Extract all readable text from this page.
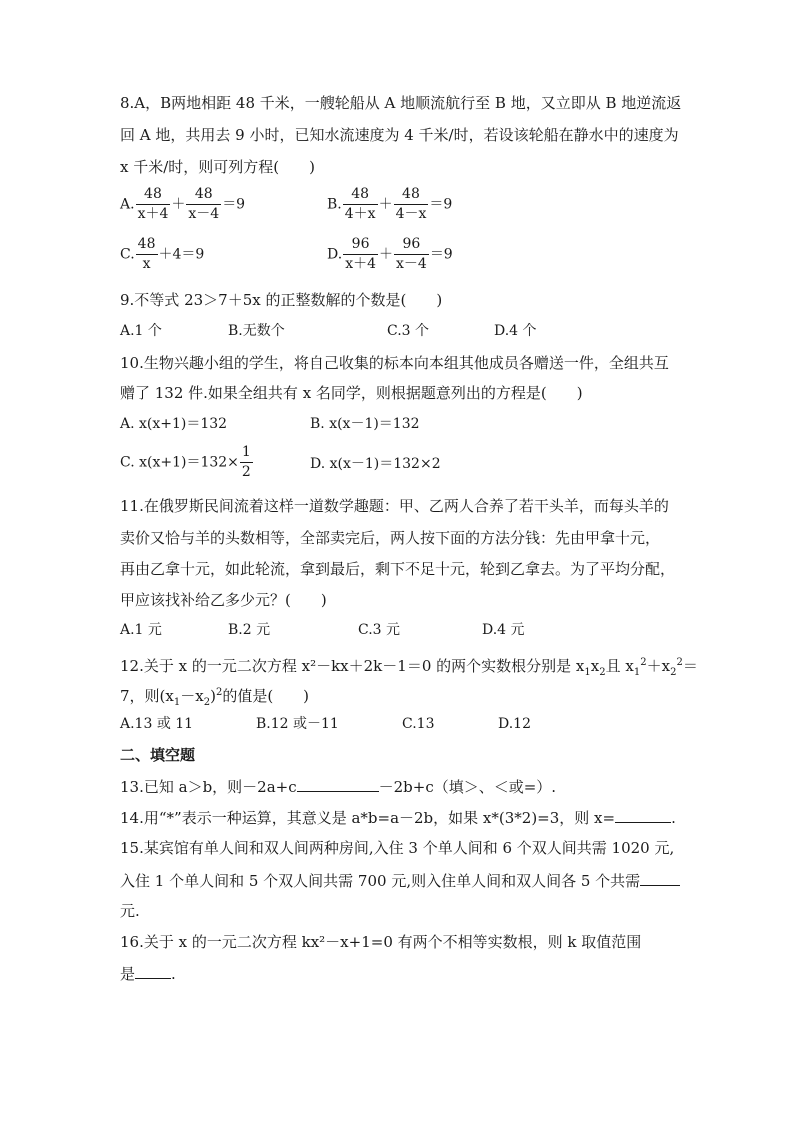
8.A，B两地相距 48 千米，一艘轮船从 A 地顺流航行至 B 地，又立即从 B 地逆流返
回 A 地，共用去 9 小时，已知水流速度为 4 千米/时，若设该轮船在静水中的速度为
x 千米/时，则可列方程(　　)
A. $\frac{48}{x+4} + \frac{48}{x-4} =9$	B. $\frac{48}{4+x} + \frac{48}{4-x} =9$
C. $\frac{48}{x} +4=9$	D. $\frac{96}{x+4} + \frac{96}{x-4} =9$
9.不等式 23＞7＋5x 的正整数解的个数是(　　)
A.1 个	B.无数个	C.3 个	D.4 个
10.生物兴趣小组的学生，将自己收集的标本向本组其他成员各赠送一件，全组共互
赠了 132 件.如果全组共有 x 名同学，则根据题意列出的方程是(　　)
A. x(x+1)＝132	B. x(x－1)＝132
C. $x(x+1)=132\times \frac{1}{2}$	D. x(x－1)＝132×2
11.在俄罗斯民间流着这样一道数学趣题：甲、乙两人合养了若干头羊，而每头羊的
卖价又恰与羊的头数相等，全部卖完后，两人按下面的方法分钱：先由甲拿十元，
再由乙拿十元，如此轮流，拿到最后，剩下不足十元，轮到乙拿去。为了平均分配，
甲应该找补给乙多少元？(　　)
A.1 元	B.2 元	C.3 元	D.4 元
12.关于 x 的一元二次方程 x²－kx＋2k－1＝0 的两个实数根分别是 $x_1x_2$且 $x_1^2+x_2^2=$
7，则$(x_1-x_2)^2$的值是(　　)
A.13 或 11	B.12 或－11	C.13	D.12
二、填空题
13.已知 a＞b，则－2a+c	－2b+c（填＞、＜或=）.
14.用“*”表示一种运算，其意义是 a*b=a－2b，如果 x*(3*2)=3，则 x=	.
15.某宾馆有单人间和双人间两种房间,入住 3 个单人间和 6 个双人间共需 1020 元,
入住 1 个单人间和 5 个双人间共需 700 元,则入住单人间和双人间各 5 个共需
元.
16.关于 x 的一元二次方程 kx²－x+1=0 有两个不相等实数根，则 k 取值范围
是 .
